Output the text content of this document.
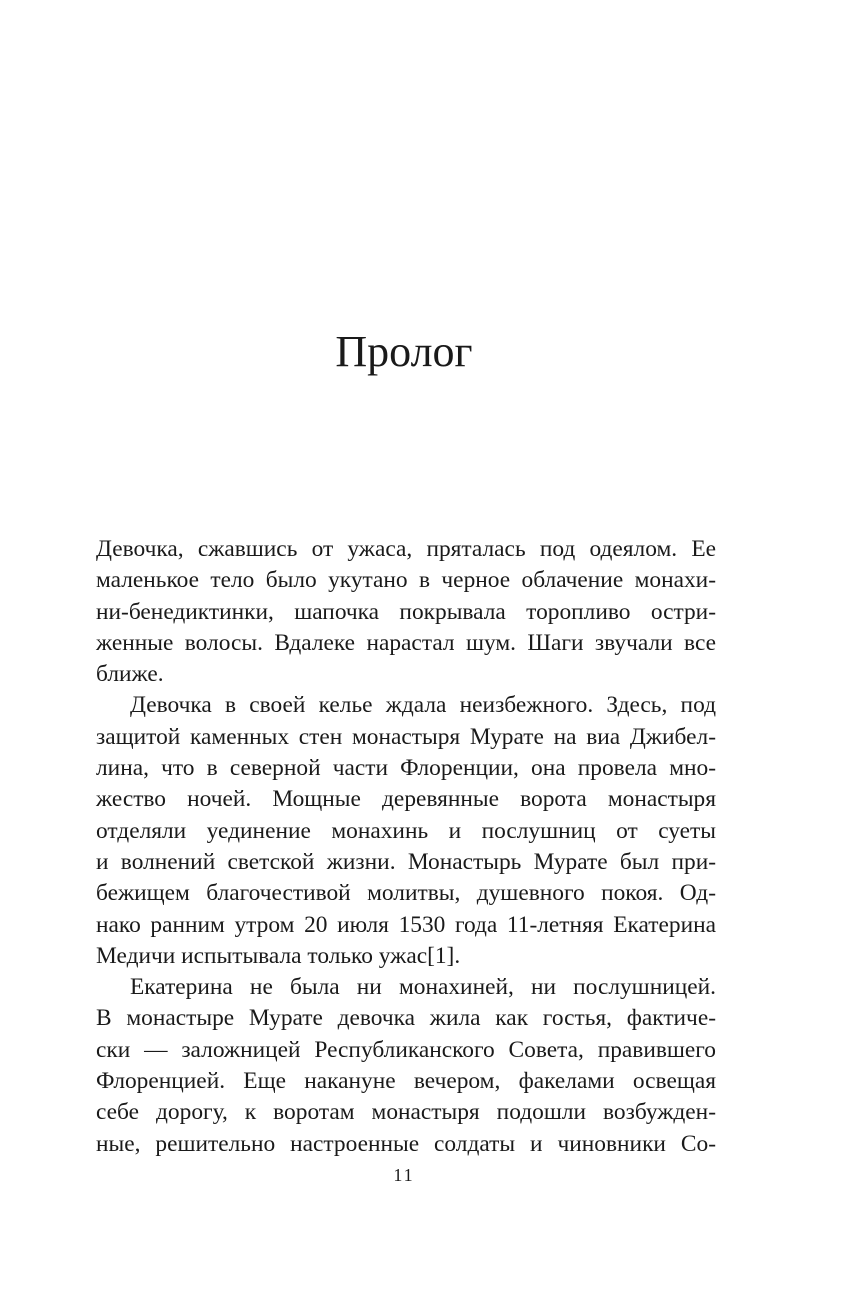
Пролог
Девочка, сжавшись от ужаса, пряталась под одеялом. Ее
маленькое тело было укутано в черное облачение монахи-
ни-бенедиктинки, шапочка покрывала торопливо остри-
женные волосы. Вдалеке нарастал шум. Шаги звучали все
ближе.
Девочка в своей келье ждала неизбежного. Здесь, под
защитой каменных стен монастыря Мурате на виа Джибел-
лина, что в северной части Флоренции, она провела мно-
жество ночей. Мощные деревянные ворота монастыря
отделяли уединение монахинь и послушниц от суеты
и волнений светской жизни. Монастырь Мурате был при-
бежищем благочестивой молитвы, душевного покоя. Од-
нако ранним утром 20 июля 1530 года 11-летняя Екатерина
Медичи испытывала только ужас[1].
Екатерина не была ни монахиней, ни послушницей.
В монастыре Мурате девочка жила как гостья, фактиче-
ски — заложницей Республиканского Совета, правившего
Флоренцией. Еще накануне вечером, факелами освещая
себе дорогу, к воротам монастыря подошли возбужден-
ные, решительно настроенные солдаты и чиновники Со-
11
